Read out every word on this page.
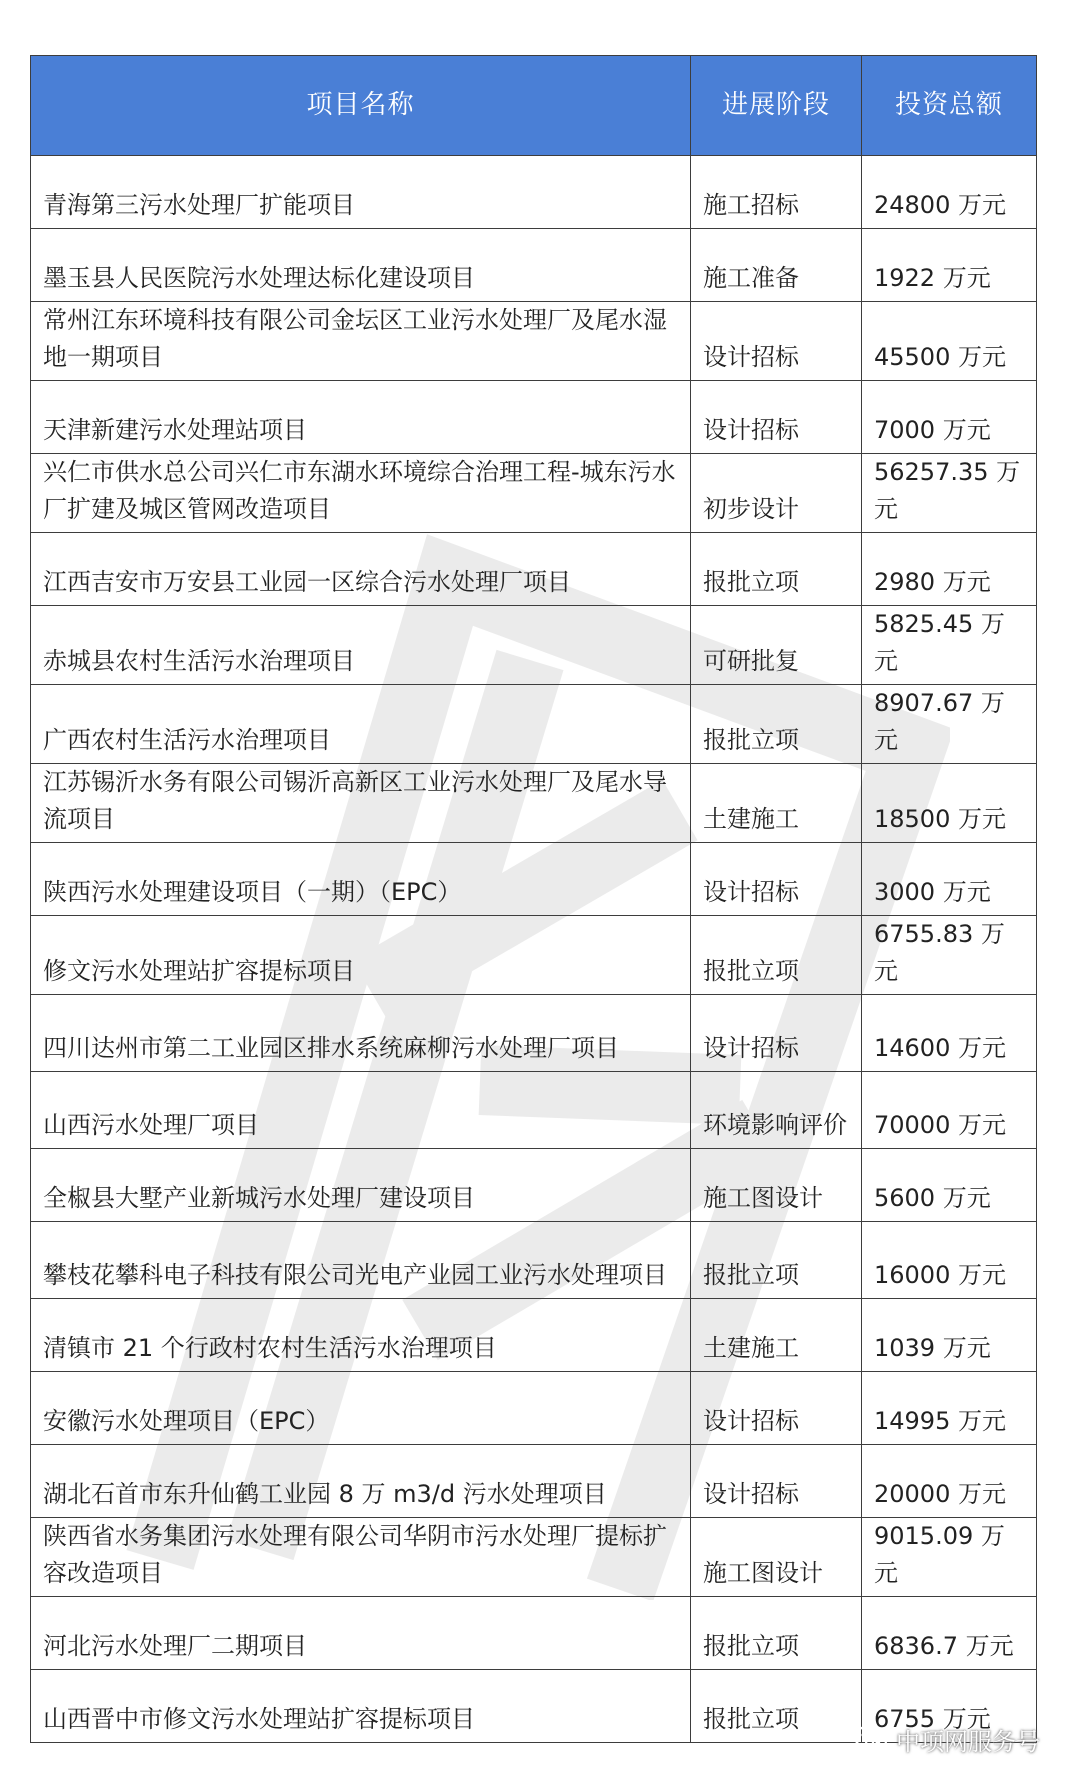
项目名称	进展阶段	投资总额
青海第三污水处理厂扩能项目	施工招标	24800 万元
墨玉县人民医院污水处理达标化建设项目	施工准备	1922 万元
常州江东环境科技有限公司金坛区工业污水处理厂及尾水湿地一期项目	设计招标	45500 万元
天津新建污水处理站项目	设计招标	7000 万元
兴仁市供水总公司兴仁市东湖水环境综合治理工程-城东污水厂扩建及城区管网改造项目	初步设计	56257.35 万元
江西吉安市万安县工业园一区综合污水处理厂项目	报批立项	2980 万元
赤城县农村生活污水治理项目	可研批复	5825.45 万元
广西农村生活污水治理项目	报批立项	8907.67 万元
江苏锡沂水务有限公司锡沂高新区工业污水处理厂及尾水导流项目	土建施工	18500 万元
陕西污水处理建设项目（一期）（EPC）	设计招标	3000 万元
修文污水处理站扩容提标项目	报批立项	6755.83 万元
四川达州市第二工业园区排水系统麻柳污水处理厂项目	设计招标	14600 万元
山西污水处理厂项目	环境影响评价	70000 万元
全椒县大墅产业新城污水处理厂建设项目	施工图设计	5600 万元
攀枝花攀科电子科技有限公司光电产业园工业污水处理项目	报批立项	16000 万元
清镇市 21 个行政村农村生活污水治理项目	土建施工	1039 万元
安徽污水处理项目（EPC）	设计招标	14995 万元
湖北石首市东升仙鹤工业园 8 万 m3/d 污水处理项目	设计招标	20000 万元
陕西省水务集团污水处理有限公司华阴市污水处理厂提标扩容改造项目	施工图设计	9015.09 万元
河北污水处理厂二期项目	报批立项	6836.7 万元
山西晋中市修文污水处理站扩容提标项目	报批立项	6755 万元
中项网服务号
